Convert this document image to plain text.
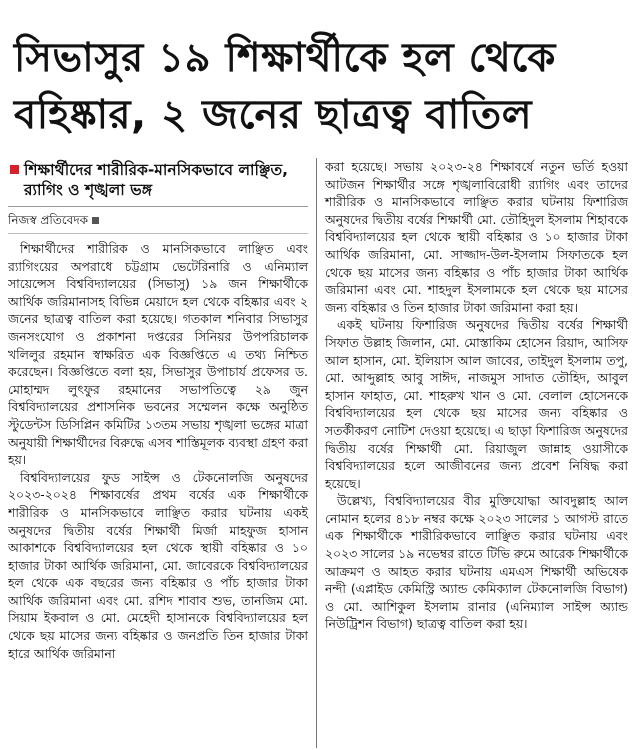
সিভাসুর ১৯ শিক্ষার্থীকে হল থেকে
বহিষ্কার, ২ জনের ছাত্রত্ব বাতিল
শিক্ষার্থীদের শারীরিক-মানসিকভাবে লাঞ্ছিত, র‌্যাগিং ও শৃঙ্খলা ভঙ্গ
নিজস্ব প্রতিবেদক

শিক্ষার্থীদের শারীরিক ও মানসিকভাবে লাঞ্ছিত এবং র‌্যাগিংয়ের অপরাধে চট্টগ্রাম ভেটেরিনারি ও এনিম্যাল সায়েন্সেস বিশ্ববিদ্যালয়ের (সিভাসু) ১৯ জন শিক্ষার্থীকে আর্থিক জরিমানাসহ বিভিন্ন মেয়াদে হল থেকে বহিষ্কার এবং ২ জনের ছাত্রত্ব বাতিল করা হয়েছে। গতকাল শনিবার সিভাসুর জনসংযোগ ও প্রকাশনা দপ্তরের সিনিয়র উপপরিচালক খলিলুর রহমান স্বাক্ষরিত এক বিজ্ঞপ্তিতে এ তথ্য নিশ্চিত করেছেন। বিজ্ঞপ্তিতে বলা হয়, সিভাসুর উপাচার্য প্রফেসর ড. মোহাম্মদ লুৎফুর রহমানের সভাপতিত্বে ২৯ জুন বিশ্ববিদ্যালয়ের প্রশাসনিক ভবনের সম্মেলন কক্ষে অনুষ্ঠিত স্টুডেন্টস ডিসিপ্লিন কমিটির ১৩তম সভায় শৃঙ্খলা ভঙ্গের মাত্রা অনুযায়ী শিক্ষার্থীদের বিরুদ্ধে এসব শাস্তিমূলক ব্যবস্থা গ্রহণ করা হয়।

বিশ্ববিদ্যালয়ের ফুড সাইন্স ও টেকনোলজি অনুষদের ২০২৩-২০২৪ শিক্ষাবর্ষের প্রথম বর্ষের এক শিক্ষার্থীকে শারীরিক ও মানসিকভাবে লাঞ্ছিত করার ঘটনায় একই অনুষদের দ্বিতীয় বর্ষের শিক্ষার্থী মির্জা মাহফুজ হাসান আকাশকে বিশ্ববিদ্যালয়ের হল থেকে স্থায়ী বহিষ্কার ও ১০ হাজার টাকা আর্থিক জরিমানা, মো. জাবেরকে বিশ্ববিদ্যালয়ের হল থেকে এক বছরের জন্য বহিষ্কার ও পাঁচ হাজার টাকা আর্থিক জরিমানা এবং মো. রশিদ শাবাব শুভ, তানজিম মো. সিয়াম ইকবাল ও মো. মেহেদী হাসানকে বিশ্ববিদ্যালয়ের হল থেকে ছয় মাসের জন্য বহিষ্কার ও জনপ্রতি তিন হাজার টাকা হারে আর্থিক জরিমানা

করা হয়েছে। সভায় ২০২৩-২৪ শিক্ষাবর্ষে নতুন ভর্তি হওয়া আটজন শিক্ষার্থীর সঙ্গে শৃঙ্খলাবিরোধী র‌্যাগিং এবং তাদের শারীরিক ও মানসিকভাবে লাঞ্ছিত করার ঘটনায় ফিশারিজ অনুষদের দ্বিতীয় বর্ষের শিক্ষার্থী মো. তৌহিদুল ইসলাম শিহাবকে বিশ্ববিদ্যালয়ের হল থেকে স্থায়ী বহিষ্কার ও ১০ হাজার টাকা আর্থিক জরিমানা, মো. সাজ্জাদ-উল-ইসলাম সিফাতকে হল থেকে ছয় মাসের জন্য বহিষ্কার ও পাঁচ হাজার টাকা আর্থিক জরিমানা এবং মো. শাহদুল ইসলামকে হল থেকে ছয় মাসের জন্য বহিষ্কার ও তিন হাজার টাকা জরিমানা করা হয়।

একই ঘটনায় ফিশারিজ অনুষদের দ্বিতীয় বর্ষের শিক্ষার্থী সিফাত উল্লাহ জিলান, মো. মোস্তাকিম হোসেন রিয়াদ, আসিফ আল হাসান, মো. ইলিয়াস আল জাবের, তাইদুল ইসলাম তপু, মো. আব্দুল্লাহ আবু সাঈদ, নাজমুস সাদাত তৌহিদ, আবুল হাসান ফাহাত, মো. শাহরুখ খান ও মো. বেলাল হোসেনকে বিশ্ববিদ্যালয়ের হল থেকে ছয় মাসের জন্য বহিষ্কার ও সতর্কীকরণ নোটিশ দেওয়া হয়েছে। এ ছাড়া ফিশারিজ অনুষদের দ্বিতীয় বর্ষের শিক্ষার্থী মো. রিয়াজুল জান্নাহ ওয়াসীকে বিশ্ববিদ্যালয়ের হলে আজীবনের জন্য প্রবেশ নিষিদ্ধ করা হয়েছে।

উল্লেখ্য, বিশ্ববিদ্যালয়ের বীর মুক্তিযোদ্ধা আবদুল্লাহ আল নোমান হলের ৪১৮ নম্বর কক্ষে ২০২৩ সালের ১ আগস্ট রাতে এক শিক্ষার্থীকে শারীরিকভাবে লাঞ্ছিত করার ঘটনায় এবং ২০২৩ সালের ১৯ নভেম্বর রাতে টিভি রুমে আরেক শিক্ষার্থীকে আক্রমণ ও আহত করার ঘটনায় এমএস শিক্ষার্থী অভিষেক নন্দী (এপ্লাইড কেমিস্ট্রি অ্যান্ড কেমিক্যাল টেকনোলজি বিভাগ) ও মো. আশিকুল ইসলাম রানার (এনিম্যাল সাইন্স অ্যান্ড নিউট্রিশন বিভাগ) ছাত্রত্ব বাতিল করা হয়।
